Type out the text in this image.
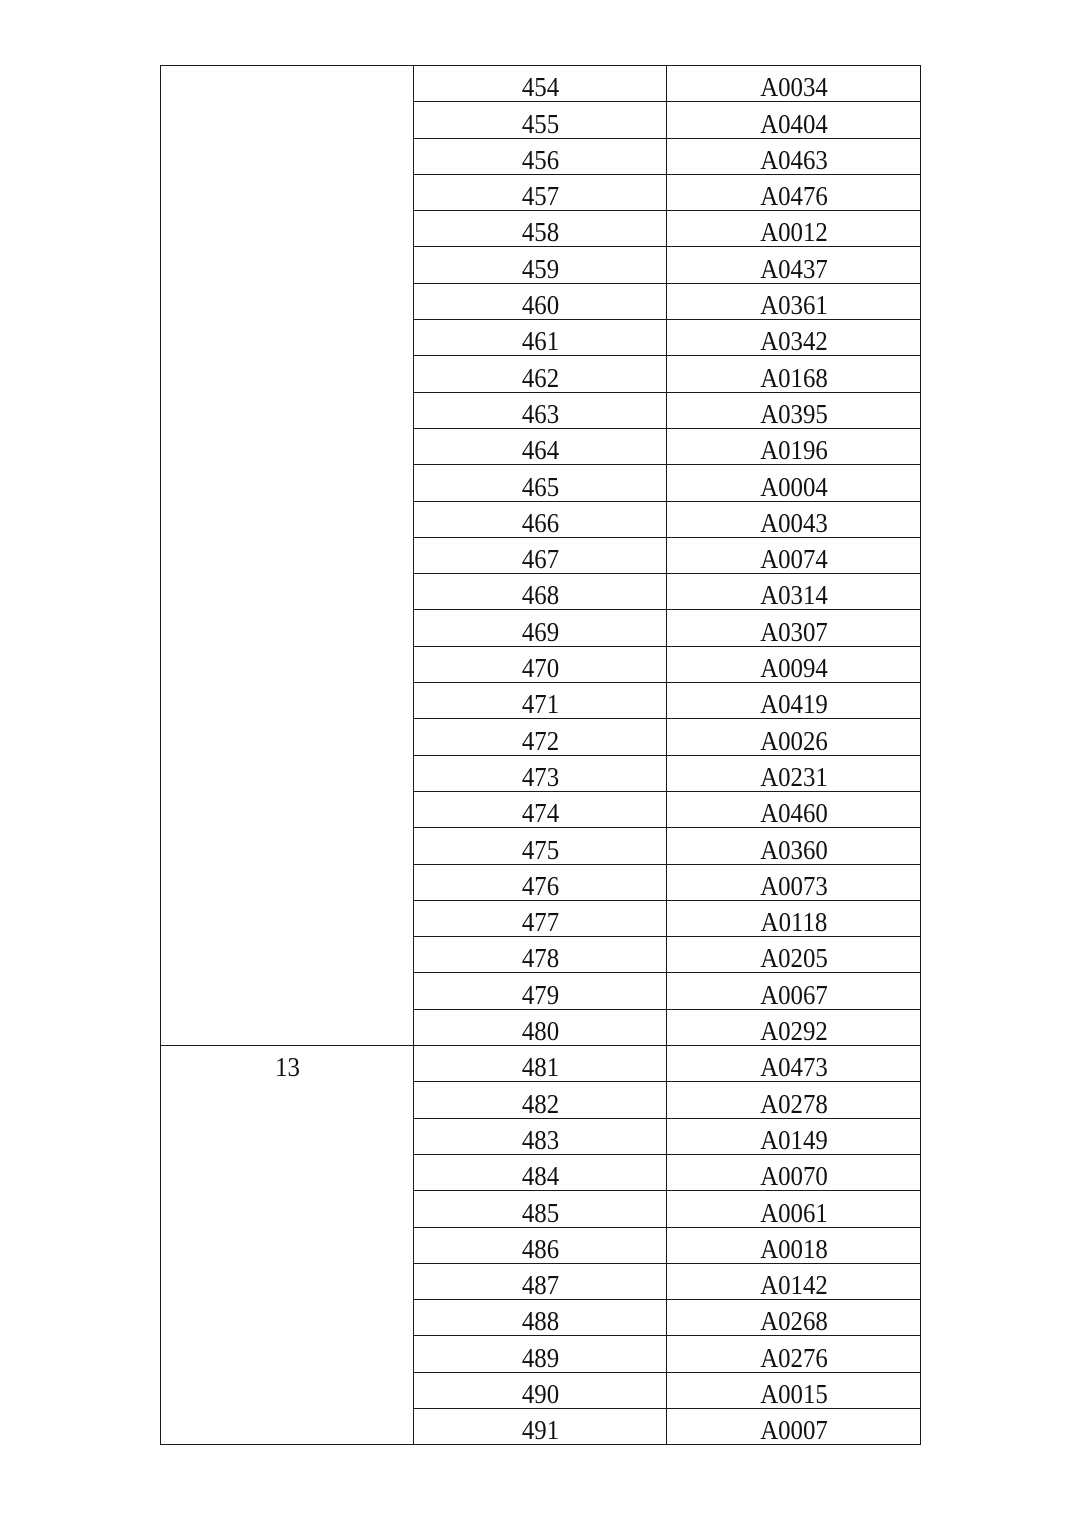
	454	A0034
	455	A0404
	456	A0463
	457	A0476
	458	A0012
	459	A0437
	460	A0361
	461	A0342
	462	A0168
	463	A0395
	464	A0196
	465	A0004
	466	A0043
	467	A0074
	468	A0314
	469	A0307
	470	A0094
	471	A0419
	472	A0026
	473	A0231
	474	A0460
	475	A0360
	476	A0073
	477	A0118
	478	A0205
	479	A0067
	480	A0292
13	481	A0473
	482	A0278
	483	A0149
	484	A0070
	485	A0061
	486	A0018
	487	A0142
	488	A0268
	489	A0276
	490	A0015
	491	A0007
